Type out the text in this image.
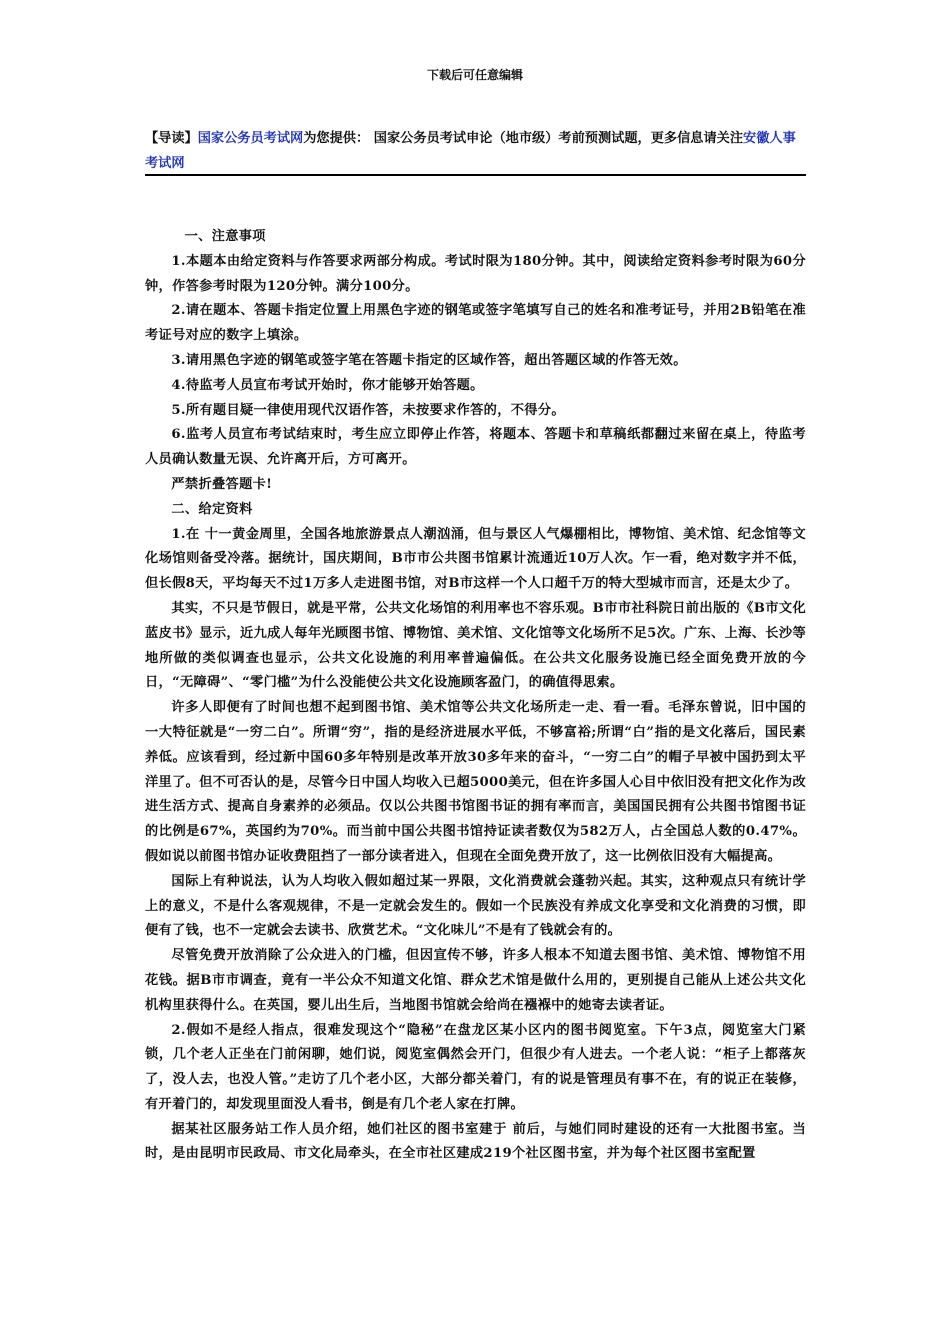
下载后可任意编辑
【导读】国家公务员考试网为您提供： 国家公务员考试申论（地市级）考前预测试题，更多信息请关注安徽人事考试网

一、注意事项

1.本题本由给定资料与作答要求两部分构成。考试时限为180分钟。其中，阅读给定资料参考时限为60分钟，作答参考时限为120分钟。满分100分。

2.请在题本、答题卡指定位置上用黑色字迹的钢笔或签字笔填写自己的姓名和准考证号，并用2B铅笔在准考证号对应的数字上填涂。

3.请用黑色字迹的钢笔或签字笔在答题卡指定的区域作答，超出答题区域的作答无效。

4.待监考人员宣布考试开始时，你才能够开始答题。

5.所有题目疑一律使用现代汉语作答，未按要求作答的，不得分。

6.监考人员宣布考试结束时，考生应立即停止作答，将题本、答题卡和草稿纸都翻过来留在桌上，待监考人员确认数量无误、允许离开后，方可离开。

严禁折叠答题卡!

二、给定资料

1.在 十一黄金周里，全国各地旅游景点人潮汹涌，但与景区人气爆棚相比，博物馆、美术馆、纪念馆等文化场馆则备受冷落。据统计，国庆期间，B市市公共图书馆累计流通近10万人次。乍一看，绝对数字并不低，但长假8天，平均每天不过1万多人走进图书馆，对B市这样一个人口超千万的特大型城市而言，还是太少了。

其实，不只是节假日，就是平常，公共文化场馆的利用率也不容乐观。B市市社科院日前出版的《B市文化蓝皮书》显示，近九成人每年光顾图书馆、博物馆、美术馆、文化馆等文化场所不足5次。广东、上海、长沙等地所做的类似调查也显示，公共文化设施的利用率普遍偏低。在公共文化服务设施已经全面免费开放的今日，“无障碍”、“零门槛”为什么没能使公共文化设施顾客盈门，的确值得思索。

许多人即便有了时间也想不起到图书馆、美术馆等公共文化场所走一走、看一看。毛泽东曾说，旧中国的一大特征就是“一穷二白”。所谓“穷”，指的是经济进展水平低，不够富裕;所谓“白”指的是文化落后，国民素养低。应该看到，经过新中国60多年特别是改革开放30多年来的奋斗，“一穷二白”的帽子早被中国扔到太平洋里了。但不可否认的是，尽管今日中国人均收入已超5000美元，但在许多国人心目中依旧没有把文化作为改进生活方式、提高自身素养的必须品。仅以公共图书馆图书证的拥有率而言，美国国民拥有公共图书馆图书证的比例是67%，英国约为70%。而当前中国公共图书馆持证读者数仅为582万人，占全国总人数的0.47%。假如说以前图书馆办证收费阻挡了一部分读者进入，但现在全面免费开放了，这一比例依旧没有大幅提高。

国际上有种说法，认为人均收入假如超过某一界限，文化消费就会蓬勃兴起。其实，这种观点只有统计学上的意义，不是什么客观规律，不是一定就会发生的。假如一个民族没有养成文化享受和文化消费的习惯，即便有了钱，也不一定就会去读书、欣赏艺术。“文化味儿”不是有了钱就会有的。

尽管免费开放消除了公众进入的门槛，但因宣传不够，许多人根本不知道去图书馆、美术馆、博物馆不用花钱。据B市市调查，竟有一半公众不知道文化馆、群众艺术馆是做什么用的，更别提自己能从上述公共文化机构里获得什么。在英国，婴儿出生后，当地图书馆就会给尚在襁褓中的她寄去读者证。

2.假如不是经人指点，很难发现这个“隐秘”在盘龙区某小区内的图书阅览室。下午3点，阅览室大门紧锁，几个老人正坐在门前闲聊，她们说，阅览室偶然会开门，但很少有人进去。一个老人说：“柜子上都落灰了，没人去，也没人管。”走访了几个老小区，大部分都关着门，有的说是管理员有事不在，有的说正在装修，有开着门的，却发现里面没人看书，倒是有几个老人家在打牌。

据某社区服务站工作人员介绍，她们社区的图书室建于 前后，与她们同时建设的还有一大批图书室。当时，是由昆明市民政局、市文化局牵头，在全市社区建成219个社区图书室，并为每个社区图书室配置
